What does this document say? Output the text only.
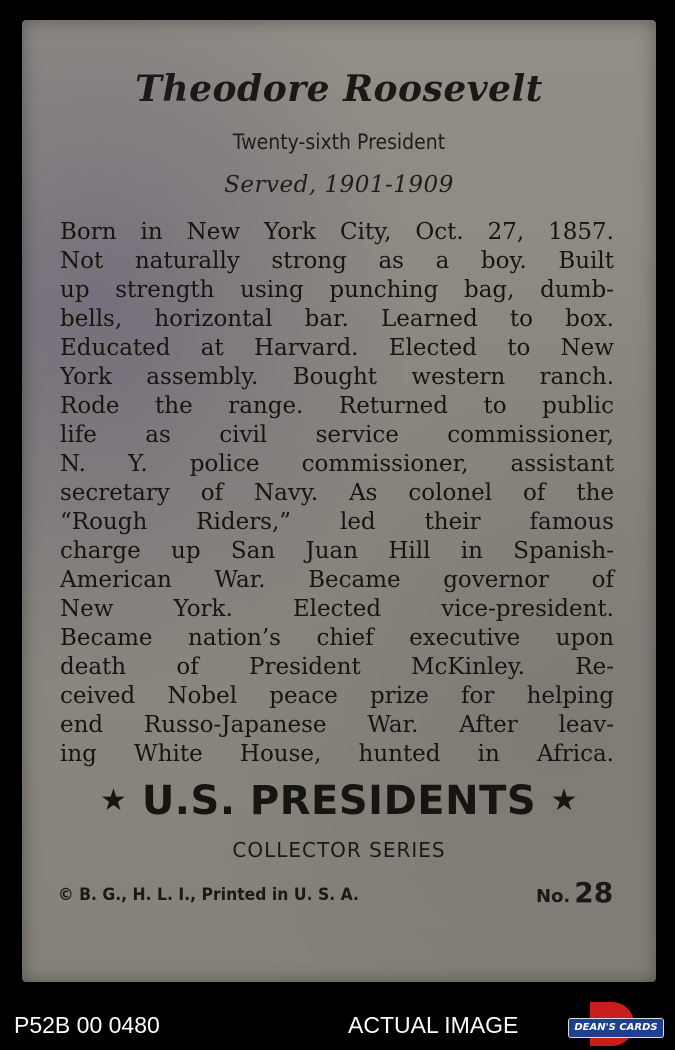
Theodore Roosevelt
Twenty-sixth President
Served, 1901-1909
Born in New York City, Oct. 27, 1857.
Not naturally strong as a boy. Built
up strength using punching bag, dumb-
bells, horizontal bar. Learned to box.
Educated at Harvard. Elected to New
York assembly. Bought western ranch.
Rode the range. Returned to public
life as civil service commissioner,
N. Y. police commissioner, assistant
secretary of Navy. As colonel of the
“Rough Riders,” led their famous
charge up San Juan Hill in Spanish-
American War. Became governor of
New York. Elected vice-president.
Became nation’s chief executive upon
death of President McKinley. Re-
ceived Nobel peace prize for helping
end Russo-Japanese War. After leav-
ing White House, hunted in Africa.
★ U.S. PRESIDENTS ★
COLLECTOR SERIES
© B. G., H. L. I., Printed in U. S. A.	No. 28
P52B 00 0480	ACTUAL IMAGE	DEAN'S CARDS
